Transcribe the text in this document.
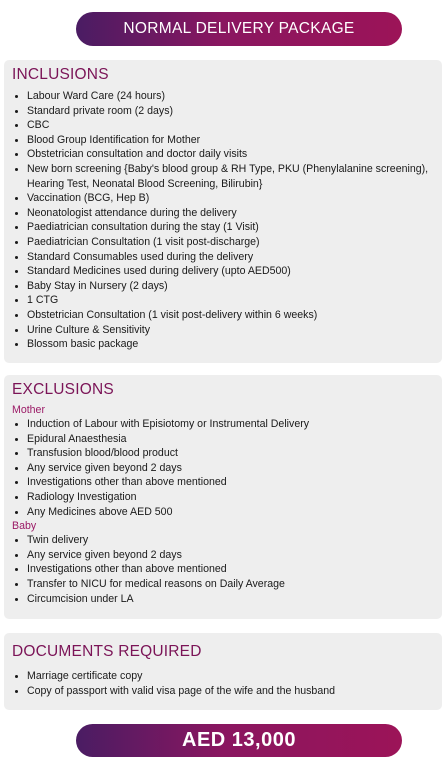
NORMAL DELIVERY PACKAGE
INCLUSIONS
Labour Ward Care (24 hours)
Standard private room (2 days)
CBC
Blood Group Identification for Mother
Obstetrician consultation and doctor daily visits
New born screening {Baby's blood group & RH Type, PKU (Phenylalanine screening), Hearing Test, Neonatal Blood Screening, Bilirubin}
Vaccination (BCG, Hep B)
Neonatologist attendance during the delivery
Paediatrician consultation during the stay (1 Visit)
Paediatrician Consultation (1 visit post-discharge)
Standard Consumables used during the delivery
Standard Medicines used during delivery (upto AED500)
Baby Stay in Nursery (2 days)
1 CTG
Obstetrician Consultation (1 visit post-delivery within 6 weeks)
Urine Culture & Sensitivity
Blossom basic package
EXCLUSIONS
Mother
Induction of Labour with Episiotomy or Instrumental Delivery
Epidural Anaesthesia
Transfusion blood/blood product
Any service given beyond 2 days
Investigations other than above mentioned
Radiology Investigation
Any Medicines above AED 500
Baby
Twin delivery
Any service given beyond 2 days
Investigations other than above mentioned
Transfer to NICU for medical reasons on Daily Average
Circumcision under LA
DOCUMENTS REQUIRED
Marriage certificate copy
Copy of passport with valid visa page of the wife and the husband
AED 13,000
